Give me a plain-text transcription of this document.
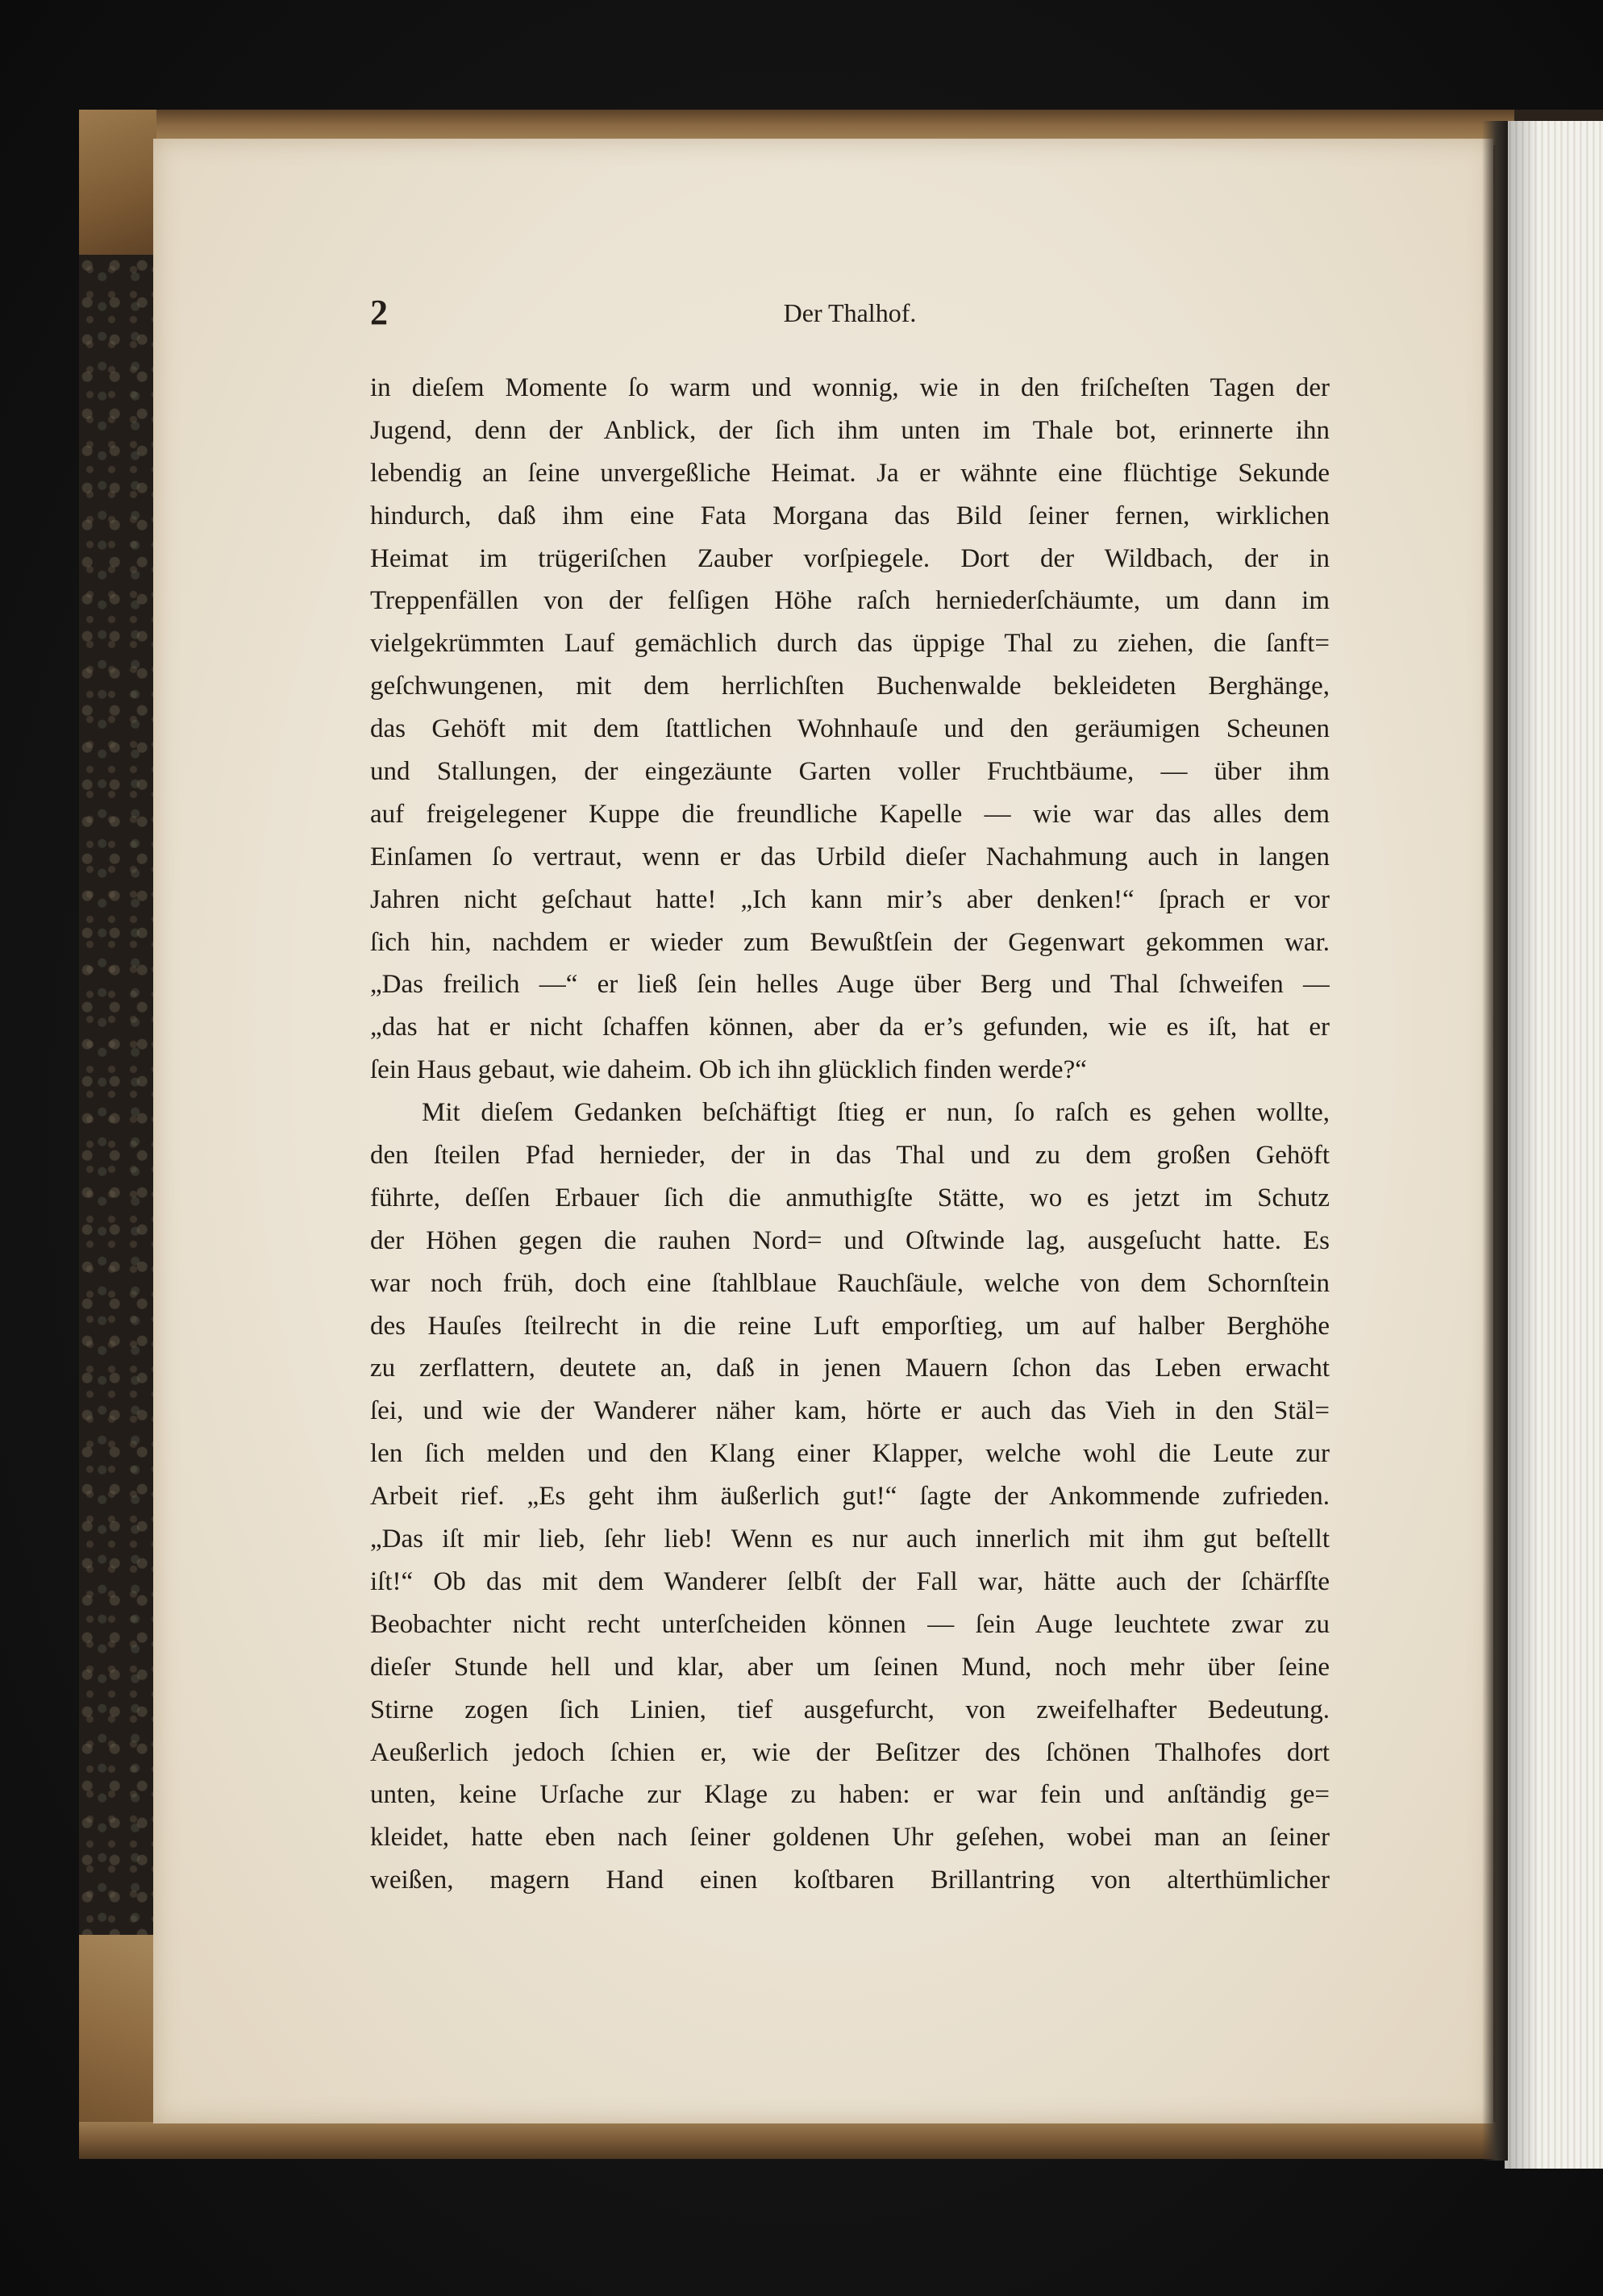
2	Der Thalhof.
in dieſem Momente ſo warm und wonnig, wie in den friſcheſten Tagen der
Jugend, denn der Anblick, der ſich ihm unten im Thale bot, erinnerte ihn
lebendig an ſeine unvergeßliche Heimat. Ja er wähnte eine flüchtige Sekunde
hindurch, daß ihm eine Fata Morgana das Bild ſeiner fernen, wirklichen
Heimat im trügeriſchen Zauber vorſpiegele. Dort der Wildbach, der in
Treppenfällen von der felſigen Höhe raſch herniederſchäumte, um dann im
vielgekrümmten Lauf gemächlich durch das üppige Thal zu ziehen, die ſanft=
geſchwungenen, mit dem herrlichſten Buchenwalde bekleideten Berghänge,
das Gehöft mit dem ſtattlichen Wohnhauſe und den geräumigen Scheunen
und Stallungen, der eingezäunte Garten voller Fruchtbäume, — über ihm
auf freigelegener Kuppe die freundliche Kapelle — wie war das alles dem
Einſamen ſo vertraut, wenn er das Urbild dieſer Nachahmung auch in langen
Jahren nicht geſchaut hatte! „Ich kann mir’s aber denken!“ ſprach er vor
ſich hin, nachdem er wieder zum Bewußtſein der Gegenwart gekommen war.
„Das freilich —“ er ließ ſein helles Auge über Berg und Thal ſchweifen —
„das hat er nicht ſchaffen können, aber da er’s gefunden, wie es iſt, hat er
ſein Haus gebaut, wie daheim. Ob ich ihn glücklich finden werde?“
Mit dieſem Gedanken beſchäftigt ſtieg er nun, ſo raſch es gehen wollte,
den ſteilen Pfad hernieder, der in das Thal und zu dem großen Gehöft
führte, deſſen Erbauer ſich die anmuthigſte Stätte, wo es jetzt im Schutz
der Höhen gegen die rauhen Nord= und Oſtwinde lag, ausgeſucht hatte. Es
war noch früh, doch eine ſtahlblaue Rauchſäule, welche von dem Schornſtein
des Hauſes ſteilrecht in die reine Luft emporſtieg, um auf halber Berghöhe
zu zerflattern, deutete an, daß in jenen Mauern ſchon das Leben erwacht
ſei, und wie der Wanderer näher kam, hörte er auch das Vieh in den Stäl=
len ſich melden und den Klang einer Klapper, welche wohl die Leute zur
Arbeit rief. „Es geht ihm äußerlich gut!“ ſagte der Ankommende zufrieden.
„Das iſt mir lieb, ſehr lieb! Wenn es nur auch innerlich mit ihm gut beſtellt
iſt!“ Ob das mit dem Wanderer ſelbſt der Fall war, hätte auch der ſchärfſte
Beobachter nicht recht unterſcheiden können — ſein Auge leuchtete zwar zu
dieſer Stunde hell und klar, aber um ſeinen Mund, noch mehr über ſeine
Stirne zogen ſich Linien, tief ausgefurcht, von zweifelhafter Bedeutung.
Aeußerlich jedoch ſchien er, wie der Beſitzer des ſchönen Thalhofes dort
unten, keine Urſache zur Klage zu haben: er war fein und anſtändig ge=
kleidet, hatte eben nach ſeiner goldenen Uhr geſehen, wobei man an ſeiner
weißen, magern Hand einen koſtbaren Brillantring von alterthümlicher
